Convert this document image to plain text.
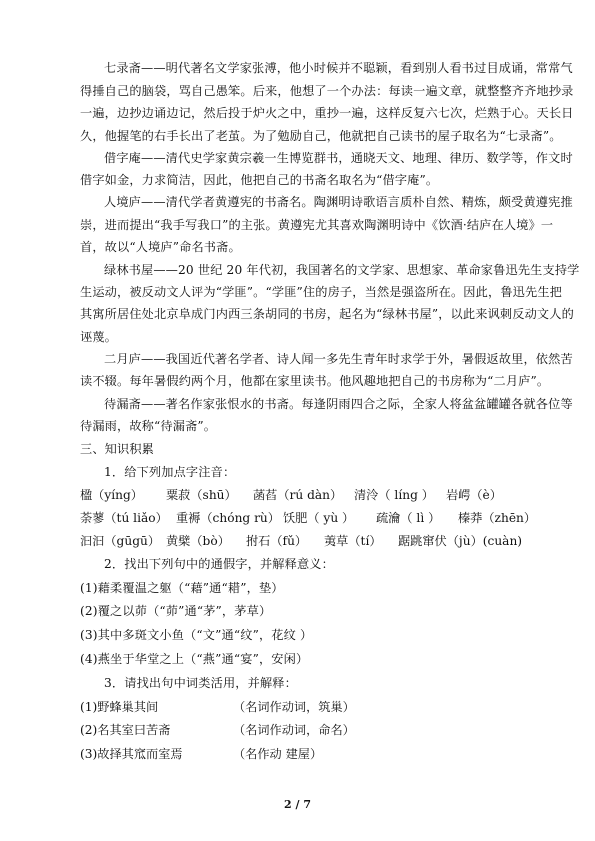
七录斋——明代著名文学家张溥，他小时候并不聪颖，看到别人看书过目成诵，常常气
得捶自己的脑袋，骂自己愚笨。后来，他想了一个办法：每读一遍文章，就整整齐齐地抄录
一遍，边抄边诵边记，然后投于炉火之中，重抄一遍，这样反复六七次，烂熟于心。天长日
久，他握笔的右手长出了老茧。为了勉励自己，他就把自己读书的屋子取名为“七录斋”。
借字庵——清代史学家黄宗羲一生博览群书，通晓天文、地理、律历、数学等，作文时
借字如金，力求简洁，因此，他把自己的书斋名取名为“借字庵”。
人境庐——清代学者黄遵宪的书斋名。陶渊明诗歌语言质朴自然、精炼，颇受黄遵宪推
崇，进而提出“我手写我口”的主张。黄遵宪尤其喜欢陶渊明诗中《饮酒·结庐在人境》一
首，故以“人境庐”命名书斋。
绿林书屋——20 世纪 20 年代初，我国著名的文学家、思想家、革命家鲁迅先生支持学
生运动，被反动文人评为“学匪”。“学匪”住的房子，当然是强盗所在。因此，鲁迅先生把
其寓所居住处北京阜成门内西三条胡同的书房，起名为“绿林书屋”，以此来讽刺反动文人的
诬蔑。
二月庐——我国近代著名学者、诗人闻一多先生青年时求学于外，暑假返故里，依然苦
读不辍。每年暑假约两个月，他都在家里读书。他风趣地把自己的书房称为“二月庐”。
待漏斋——著名作家张恨水的书斋。每逢阴雨四合之际，全家人将盆盆罐罐各就各位等
待漏雨，故称“待漏斋”。
三、知识积累
1．给下列加点字注音：
楹（yíng） 粟菽（shū） 菡萏（rú dàn） 清泠（ líng ） 岩崿（è）
荼蓼（tú liǎo） 重褥（chóng rù） 饫肥（ yù ） 疏瀹（ lì ） 榛莽（zhēn）
汩汩（gūgū） 黄檗（bò） 拊石（fǔ） 荑草（tí） 踞跳窜伏（jù）(cuàn)
2．找出下列句中的通假字，并解释意义：
(1)藉柔覆温之躯（“藉”通“耤”，垫）
(2)覆之以茆（“茆”通“茅”，茅草）
(3)其中多斑文小鱼（“文”通“纹”，花纹 ）
(4)燕坐于华堂之上（“燕”通“宴”，安闲）
3．请找出句中词类活用，并解释：
(1)野蜂巢其间	（名词作动词，筑巢）
(2)名其室曰苦斋	（名词作动词，命名）
(3)故择其窊而室焉	（名作动 建屋）
2 / 7
